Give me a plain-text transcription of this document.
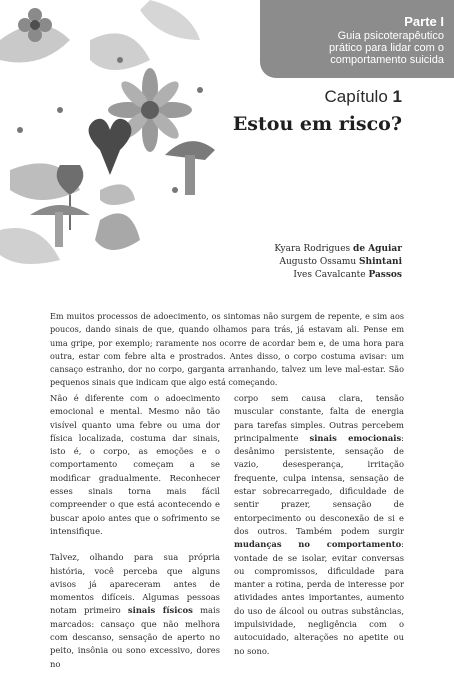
Parte I
Guia psicoterapêutico
prático para lidar com o
comportamento suicida
Capítulo 1
Estou em risco?
Kyara Rodrigues de Aguiar
Augusto Ossamu Shintani
Ives Cavalcante Passos
Em muitos processos de adoecimento, os sintomas não surgem de repente, e sim aos poucos, dando sinais de que, quando olhamos para trás, já estavam ali. Pense em uma gripe, por exemplo; raramente nos ocorre de acordar bem e, de uma hora para outra, estar com febre alta e prostrados. Antes disso, o corpo costuma avisar: um cansaço estranho, dor no corpo, garganta arranhando, talvez um leve mal-estar. São pequenos sinais que indicam que algo está começando.

Não é diferente com o adoecimento emocional e mental. Mesmo não tão visível quanto uma febre ou uma dor física localizada, costuma dar sinais, isto é, o corpo, as emoções e o comportamento começam a se modificar gradualmente. Reconhecer esses sinais torna mais fácil compreender o que está acontecendo e buscar apoio antes que o sofrimento se intensifique.

Talvez, olhando para sua própria história, você perceba que alguns avisos já apareceram antes de momentos difíceis. Algumas pessoas notam primeiro sinais físicos mais marcados: cansaço que não melhora com descanso, sensação de aperto no peito, insônia ou sono excessivo, dores no

corpo sem causa clara, tensão muscular constante, falta de energia para tarefas simples. Outras percebem principalmente sinais emocionais: desânimo persistente, sensação de vazio, desesperança, irritação frequente, culpa intensa, sensação de estar sobrecarregado, dificuldade de sentir prazer, sensação de entorpecimento ou desconexão de si e dos outros. Também podem surgir mudanças no comportamento: vontade de se isolar, evitar conversas ou compromissos, dificuldade para manter a rotina, perda de interesse por atividades antes importantes, aumento do uso de álcool ou outras substâncias, impulsividade, negligência com o autocuidado, alterações no apetite ou no sono.
